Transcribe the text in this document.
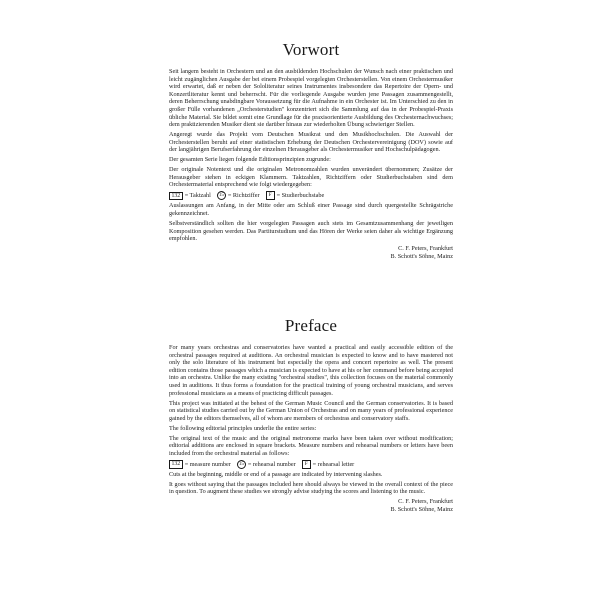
Vorwort

Seit langem besteht in Orchestern und an den ausbildenden Hochschulen der Wunsch nach einer praktischen und leicht zugänglichen Ausgabe der bei einem Probespiel vorgelegten Orchesterstellen. Von einem Orchestermusiker wird erwartet, daß er neben der Sololiteratur seines Instrumentes insbesondere das Repertoire der Opern- und Konzertliteratur kennt und beherrscht. Für die vorliegende Ausgabe wurden jene Passagen zusammengestellt, deren Beherrschung unabdingbare Voraussetzung für die Aufnahme in ein Orchester ist. Im Unterschied zu den in großer Fülle vorhandenen „Orchesterstudien" konzentriert sich die Sammlung auf das in der Probespiel-Praxis übliche Material. Sie bildet somit eine Grundlage für die praxisorientierte Ausbildung des Orchesternachwuchses; dem praktizierenden Musiker dient sie darüber hinaus zur wiederholten Übung schwieriger Stellen.

Angeregt wurde das Projekt vom Deutschen Musikrat und den Musikhochschulen. Die Auswahl der Orchesterstellen beruht auf einer statistischen Erhebung der Deutschen Orchestervereinigung (DOV) sowie auf der langjährigen Berufserfahrung der einzelnen Herausgeber als Orchestermusiker und Hochschulpädagogen.

Der gesamten Serie liegen folgende Editionsprinzipien zugrunde:

Der originale Notentext und die originalen Metronomzahlen wurden unverändert übernommen; Zusätze der Herausgeber stehen in eckigen Klammern. Taktzahlen, Richtziffern oder Studierbuchstaben sind dem Orchestermaterial entsprechend wie folgt wiedergegeben:

132 = Taktzahl	15 = Richtziffer	F = Studierbuchstabe

Auslassungen am Anfang, in der Mitte oder am Schluß einer Passage sind durch quergestellte Schrägstriche gekennzeichnet.

Selbstverständlich sollten die hier vorgelegten Passagen auch stets im Gesamtzusammenhang der jeweiligen Komposition gesehen werden. Das Partiturstudium und das Hören der Werke seien daher als wichtige Ergänzung empfohlen.

C. F. Peters, Frankfurt
B. Schott's Söhne, Mainz
Preface

For many years orchestras and conservatories have wanted a practical and easily accessible edition of the orchestral passages required at auditions. An orchestral musician is expected to know and to have mastered not only the solo literature of his instrument but especially the opera and concert repertoire as well. The present edition contains those passages which a musician is expected to have at his or her command before being accepted into an orchestra. Unlike the many existing "orchestral studies", this collection focuses on the material commonly used in auditions. It thus forms a foundation for the practical training of young orchestral musicians, and serves professional musicians as a means of practicing difficult passages.

This project was initiated at the behest of the German Music Council and the German conservatories. It is based on statistical studies carried out by the German Union of Orchestras and on many years of professional experience gained by the editors themselves, all of whom are members of orchestras and conservatory staffs.

The following editorial principles underlie the entire series:

The original text of the music and the original metronome marks have been taken over without modification; editorial additions are enclosed in square brackets. Measure numbers and rehearsal numbers or letters have been included from the orchestral material as follows:

132 = measure number	15 = rehearsal number	F = rehearsal letter

Cuts at the beginning, middle or end of a passage are indicated by intervening slashes.

It goes without saying that the passages included here should always be viewed in the overall context of the piece in question. To augment these studies we strongly advise studying the scores and listening to the music.

C. F. Peters, Frankfurt
B. Schott's Söhne, Mainz
